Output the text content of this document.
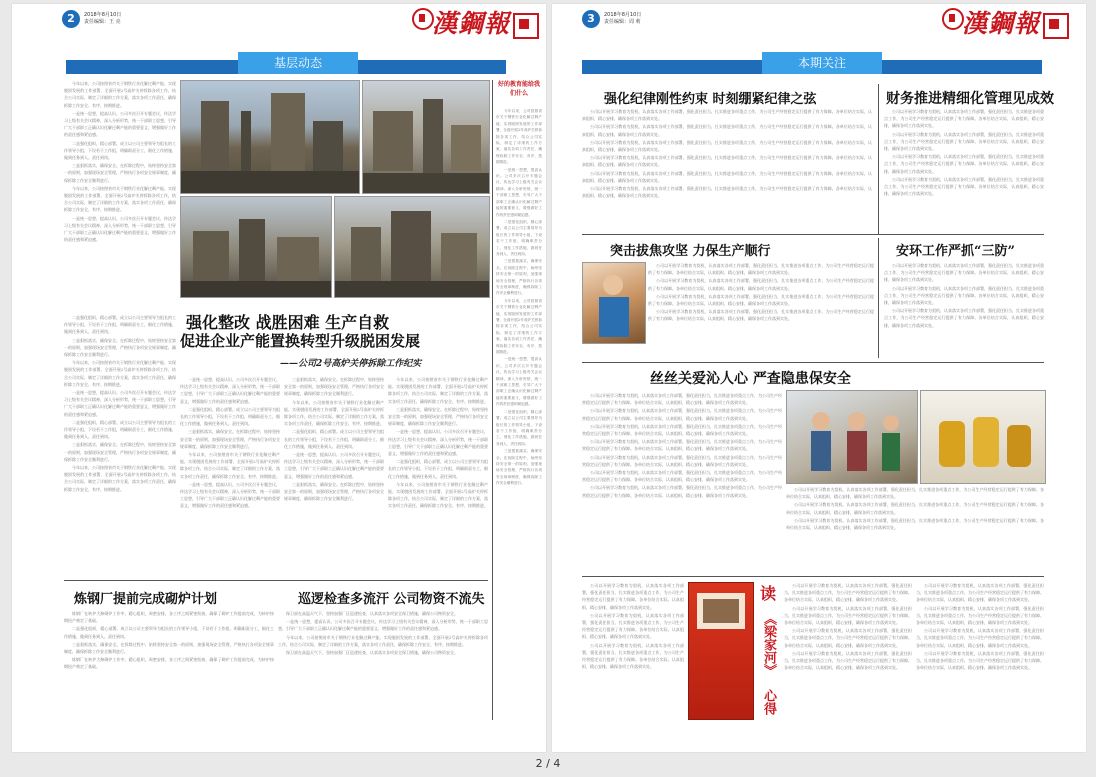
2	2018年8月10日
责任编辑：王 亮	漢鋼報
基层动态

今年以来，公司按照省市关于钢铁行业化解过剩产能、实现脱困发展的工作部署，全面开展2号高炉关停拆除各项工作，结合公司实际，制定了详细的工作方案，落实各项工作责任，确保拆除工作安全、有序、按期推进。

一是统一思想，提高认识。公司多次召开专题会议，传达学习上级有关会议精神，深入分析形势，统一干部职工思想，引导广大干部职工正确认识化解过剩产能的重要意义，增强做好工作的责任感和紧迫感。

二是强化组织，精心部署。成立以公司主要领导为组长的工作领导小组，下设若干工作组，明确职责分工，细化工作措施，做到任务到人、责任到岗。

三是狠抓落实，确保安全。在拆除过程中，始终坚持安全第一的原则，加强现场安全管理，严格执行各项安全规章制度，确保拆除工作安全顺利进行。

今年以来，公司按照省市关于钢铁行业化解过剩产能、实现脱困发展的工作部署，全面开展2号高炉关停拆除各项工作，结合公司实际，制定了详细的工作方案，落实各项工作责任，确保拆除工作安全、有序、按期推进。

一是统一思想，提高认识。公司多次召开专题会议，传达学习上级有关会议精神，深入分析形势，统一干部职工思想，引导广大干部职工正确认识化解过剩产能的重要意义，增强做好工作的责任感和紧迫感。

强化整改 战胜困难 生产自救
促进企业产能置换转型升级脱困发展
——公司2号高炉关停拆除工作纪实

二是强化组织，精心部署。成立以公司主要领导为组长的工作领导小组，下设若干工作组，明确职责分工，细化工作措施，做到任务到人、责任到岗。

三是狠抓落实，确保安全。在拆除过程中，始终坚持安全第一的原则，加强现场安全管理，严格执行各项安全规章制度，确保拆除工作安全顺利进行。

今年以来，公司按照省市关于钢铁行业化解过剩产能、实现脱困发展的工作部署，全面开展2号高炉关停拆除各项工作，结合公司实际，制定了详细的工作方案，落实各项工作责任，确保拆除工作安全、有序、按期推进。

一是统一思想，提高认识。公司多次召开专题会议，传达学习上级有关会议精神，深入分析形势，统一干部职工思想，引导广大干部职工正确认识化解过剩产能的重要意义，增强做好工作的责任感和紧迫感。

二是强化组织，精心部署。成立以公司主要领导为组长的工作领导小组，下设若干工作组，明确职责分工，细化工作措施，做到任务到人、责任到岗。

三是狠抓落实，确保安全。在拆除过程中，始终坚持安全第一的原则，加强现场安全管理，严格执行各项安全规章制度，确保拆除工作安全顺利进行。

今年以来，公司按照省市关于钢铁行业化解过剩产能、实现脱困发展的工作部署，全面开展2号高炉关停拆除各项工作，结合公司实际，制定了详细的工作方案，落实各项工作责任，确保拆除工作安全、有序、按期推进。

一是统一思想，提高认识。公司多次召开专题会议，传达学习上级有关会议精神，深入分析形势，统一干部职工思想，引导广大干部职工正确认识化解过剩产能的重要意义，增强做好工作的责任感和紧迫感。

二是强化组织，精心部署。成立以公司主要领导为组长的工作领导小组，下设若干工作组，明确职责分工，细化工作措施，做到任务到人、责任到岗。

三是狠抓落实，确保安全。在拆除过程中，始终坚持安全第一的原则，加强现场安全管理，严格执行各项安全规章制度，确保拆除工作安全顺利进行。

今年以来，公司按照省市关于钢铁行业化解过剩产能、实现脱困发展的工作部署，全面开展2号高炉关停拆除各项工作，结合公司实际，制定了详细的工作方案，落实各项工作责任，确保拆除工作安全、有序、按期推进。

一是统一思想，提高认识。公司多次召开专题会议，传达学习上级有关会议精神，深入分析形势，统一干部职工思想，引导广大干部职工正确认识化解过剩产能的重要意义，增强做好工作的责任感和紧迫感。

三是狠抓落实，确保安全。在拆除过程中，始终坚持安全第一的原则，加强现场安全管理，严格执行各项安全规章制度，确保拆除工作安全顺利进行。

今年以来，公司按照省市关于钢铁行业化解过剩产能、实现脱困发展的工作部署，全面开展2号高炉关停拆除各项工作，结合公司实际，制定了详细的工作方案，落实各项工作责任，确保拆除工作安全、有序、按期推进。

二是强化组织，精心部署。成立以公司主要领导为组长的工作领导小组，下设若干工作组，明确职责分工，细化工作措施，做到任务到人、责任到岗。

一是统一思想，提高认识。公司多次召开专题会议，传达学习上级有关会议精神，深入分析形势，统一干部职工思想，引导广大干部职工正确认识化解过剩产能的重要意义，增强做好工作的责任感和紧迫感。

三是狠抓落实，确保安全。在拆除过程中，始终坚持安全第一的原则，加强现场安全管理，严格执行各项安全规章制度，确保拆除工作安全顺利进行。

今年以来，公司按照省市关于钢铁行业化解过剩产能、实现脱困发展的工作部署，全面开展2号高炉关停拆除各项工作，结合公司实际，制定了详细的工作方案，落实各项工作责任，确保拆除工作安全、有序、按期推进。

三是狠抓落实，确保安全。在拆除过程中，始终坚持安全第一的原则，加强现场安全管理，严格执行各项安全规章制度，确保拆除工作安全顺利进行。

一是统一思想，提高认识。公司多次召开专题会议，传达学习上级有关会议精神，深入分析形势，统一干部职工思想，引导广大干部职工正确认识化解过剩产能的重要意义，增强做好工作的责任感和紧迫感。

二是强化组织，精心部署。成立以公司主要领导为组长的工作领导小组，下设若干工作组，明确职责分工，细化工作措施，做到任务到人、责任到岗。

今年以来，公司按照省市关于钢铁行业化解过剩产能、实现脱困发展的工作部署，全面开展2号高炉关停拆除各项工作，结合公司实际，制定了详细的工作方案，落实各项工作责任，确保拆除工作安全、有序、按期推进。

好的教育能给我们什么

今年以来，公司按照省市关于钢铁行业化解过剩产能、实现脱困发展的工作部署，全面开展2号高炉关停拆除各项工作，结合公司实际，制定了详细的工作方案，落实各项工作责任，确保拆除工作安全、有序、按期推进。

一是统一思想，提高认识。公司多次召开专题会议，传达学习上级有关会议精神，深入分析形势，统一干部职工思想，引导广大干部职工正确认识化解过剩产能的重要意义，增强做好工作的责任感和紧迫感。

二是强化组织，精心部署。成立以公司主要领导为组长的工作领导小组，下设若干工作组，明确职责分工，细化工作措施，做到任务到人、责任到岗。

三是狠抓落实，确保安全。在拆除过程中，始终坚持安全第一的原则，加强现场安全管理，严格执行各项安全规章制度，确保拆除工作安全顺利进行。

今年以来，公司按照省市关于钢铁行业化解过剩产能、实现脱困发展的工作部署，全面开展2号高炉关停拆除各项工作，结合公司实际，制定了详细的工作方案，落实各项工作责任，确保拆除工作安全、有序、按期推进。

一是统一思想，提高认识。公司多次召开专题会议，传达学习上级有关会议精神，深入分析形势，统一干部职工思想，引导广大干部职工正确认识化解过剩产能的重要意义，增强做好工作的责任感和紧迫感。

二是强化组织，精心部署。成立以公司主要领导为组长的工作领导小组，下设若干工作组，明确职责分工，细化工作措施，做到任务到人、责任到岗。

三是狠抓落实，确保安全。在拆除过程中，始终坚持安全第一的原则，加强现场安全管理，严格执行各项安全规章制度，确保拆除工作安全顺利进行。

炼钢厂提前完成砌炉计划	巡逻检查多流汗 公司物资不流失

炼钢厂在转炉大修砌炉工作中，精心组织，周密安排，各工序之间紧密衔接，确保了砌炉工作提前完成，为转炉按期投产奠定了基础。

二是强化组织，精心部署。成立以公司主要领导为组长的工作领导小组，下设若干工作组，明确职责分工，细化工作措施，做到任务到人、责任到岗。

三是狠抓落实，确保安全。在拆除过程中，始终坚持安全第一的原则，加强现场安全管理，严格执行各项安全规章制度，确保拆除工作安全顺利进行。

炼钢厂在转炉大修砌炉工作中，精心组织，周密安排，各工序之间紧密衔接，确保了砌炉工作提前完成，为转炉按期投产奠定了基础。

保卫部在高温天气下，坚持加强厂区巡逻检查，认真落实各项安全保卫措施，确保公司物资安全。

一是统一思想，提高认识。公司多次召开专题会议，传达学习上级有关会议精神，深入分析形势，统一干部职工思想，引导广大干部职工正确认识化解过剩产能的重要意义，增强做好工作的责任感和紧迫感。

今年以来，公司按照省市关于钢铁行业化解过剩产能、实现脱困发展的工作部署，全面开展2号高炉关停拆除各项工作，结合公司实际，制定了详细的工作方案，落实各项工作责任，确保拆除工作安全、有序、按期推进。

保卫部在高温天气下，坚持加强厂区巡逻检查，认真落实各项安全保卫措施，确保公司物资安全。

3	2018年8月10日
责任编辑：周 莉	漢鋼報
本期关注
强化纪律刚性约束 时刻绷紧纪律之弦	财务推进精细化管理见成效

公司以开展学习教育为契机，认真落实各项工作部署，强化责任担当，扎实推进各项重点工作，为公司生产经营稳定运行提供了有力保障。各单位结合实际，认真组织，精心安排，确保各项工作落到实处。

公司以开展学习教育为契机，认真落实各项工作部署，强化责任担当，扎实推进各项重点工作，为公司生产经营稳定运行提供了有力保障。各单位结合实际，认真组织，精心安排，确保各项工作落到实处。

公司以开展学习教育为契机，认真落实各项工作部署，强化责任担当，扎实推进各项重点工作，为公司生产经营稳定运行提供了有力保障。各单位结合实际，认真组织，精心安排，确保各项工作落到实处。

公司以开展学习教育为契机，认真落实各项工作部署，强化责任担当，扎实推进各项重点工作，为公司生产经营稳定运行提供了有力保障。各单位结合实际，认真组织，精心安排，确保各项工作落到实处。

公司以开展学习教育为契机，认真落实各项工作部署，强化责任担当，扎实推进各项重点工作，为公司生产经营稳定运行提供了有力保障。各单位结合实际，认真组织，精心安排，确保各项工作落到实处。

公司以开展学习教育为契机，认真落实各项工作部署，强化责任担当，扎实推进各项重点工作，为公司生产经营稳定运行提供了有力保障。各单位结合实际，认真组织，精心安排，确保各项工作落到实处。

公司以开展学习教育为契机，认真落实各项工作部署，强化责任担当，扎实推进各项重点工作，为公司生产经营稳定运行提供了有力保障。各单位结合实际，认真组织，精心安排，确保各项工作落到实处。

公司以开展学习教育为契机，认真落实各项工作部署，强化责任担当，扎实推进各项重点工作，为公司生产经营稳定运行提供了有力保障。各单位结合实际，认真组织，精心安排，确保各项工作落到实处。

公司以开展学习教育为契机，认真落实各项工作部署，强化责任担当，扎实推进各项重点工作，为公司生产经营稳定运行提供了有力保障。各单位结合实际，认真组织，精心安排，确保各项工作落到实处。

公司以开展学习教育为契机，认真落实各项工作部署，强化责任担当，扎实推进各项重点工作，为公司生产经营稳定运行提供了有力保障。各单位结合实际，认真组织，精心安排，确保各项工作落到实处。

突击拔焦攻坚 力保生产顺行	安环工作严抓“三防”

公司以开展学习教育为契机，认真落实各项工作部署，强化责任担当，扎实推进各项重点工作，为公司生产经营稳定运行提供了有力保障。各单位结合实际，认真组织，精心安排，确保各项工作落到实处。

公司以开展学习教育为契机，认真落实各项工作部署，强化责任担当，扎实推进各项重点工作，为公司生产经营稳定运行提供了有力保障。各单位结合实际，认真组织，精心安排，确保各项工作落到实处。

公司以开展学习教育为契机，认真落实各项工作部署，强化责任担当，扎实推进各项重点工作，为公司生产经营稳定运行提供了有力保障。各单位结合实际，认真组织，精心安排，确保各项工作落到实处。

公司以开展学习教育为契机，认真落实各项工作部署，强化责任担当，扎实推进各项重点工作，为公司生产经营稳定运行提供了有力保障。各单位结合实际，认真组织，精心安排，确保各项工作落到实处。

公司以开展学习教育为契机，认真落实各项工作部署，强化责任担当，扎实推进各项重点工作，为公司生产经营稳定运行提供了有力保障。各单位结合实际，认真组织，精心安排，确保各项工作落到实处。

公司以开展学习教育为契机，认真落实各项工作部署，强化责任担当，扎实推进各项重点工作，为公司生产经营稳定运行提供了有力保障。各单位结合实际，认真组织，精心安排，确保各项工作落到实处。

公司以开展学习教育为契机，认真落实各项工作部署，强化责任担当，扎实推进各项重点工作，为公司生产经营稳定运行提供了有力保障。各单位结合实际，认真组织，精心安排，确保各项工作落到实处。

丝丝关爱沁人心 严查隐患保安全

公司以开展学习教育为契机，认真落实各项工作部署，强化责任担当，扎实推进各项重点工作，为公司生产经营稳定运行提供了有力保障。各单位结合实际，认真组织，精心安排，确保各项工作落到实处。

公司以开展学习教育为契机，认真落实各项工作部署，强化责任担当，扎实推进各项重点工作，为公司生产经营稳定运行提供了有力保障。各单位结合实际，认真组织，精心安排，确保各项工作落到实处。

公司以开展学习教育为契机，认真落实各项工作部署，强化责任担当，扎实推进各项重点工作，为公司生产经营稳定运行提供了有力保障。各单位结合实际，认真组织，精心安排，确保各项工作落到实处。

公司以开展学习教育为契机，认真落实各项工作部署，强化责任担当，扎实推进各项重点工作，为公司生产经营稳定运行提供了有力保障。各单位结合实际，认真组织，精心安排，确保各项工作落到实处。

公司以开展学习教育为契机，认真落实各项工作部署，强化责任担当，扎实推进各项重点工作，为公司生产经营稳定运行提供了有力保障。各单位结合实际，认真组织，精心安排，确保各项工作落到实处。

公司以开展学习教育为契机，认真落实各项工作部署，强化责任担当，扎实推进各项重点工作，为公司生产经营稳定运行提供了有力保障。各单位结合实际，认真组织，精心安排，确保各项工作落到实处。

公司以开展学习教育为契机，认真落实各项工作部署，强化责任担当，扎实推进各项重点工作，为公司生产经营稳定运行提供了有力保障。各单位结合实际，认真组织，精心安排，确保各项工作落到实处。

公司以开展学习教育为契机，认真落实各项工作部署，强化责任担当，扎实推进各项重点工作，为公司生产经营稳定运行提供了有力保障。各单位结合实际，认真组织，精心安排，确保各项工作落到实处。

公司以开展学习教育为契机，认真落实各项工作部署，强化责任担当，扎实推进各项重点工作，为公司生产经营稳定运行提供了有力保障。各单位结合实际，认真组织，精心安排，确保各项工作落到实处。

公司以开展学习教育为契机，认真落实各项工作部署，强化责任担当，扎实推进各项重点工作，为公司生产经营稳定运行提供了有力保障。各单位结合实际，认真组织，精心安排，确保各项工作落到实处。

公司以开展学习教育为契机，认真落实各项工作部署，强化责任担当，扎实推进各项重点工作，为公司生产经营稳定运行提供了有力保障。各单位结合实际，认真组织，精心安排，确保各项工作落到实处。

公司以开展学习教育为契机，认真落实各项工作部署，强化责任担当，扎实推进各项重点工作，为公司生产经营稳定运行提供了有力保障。各单位结合实际，认真组织，精心安排，确保各项工作落到实处。

公司以开展学习教育为契机，认真落实各项工作部署，强化责任担当，扎实推进各项重点工作，为公司生产经营稳定运行提供了有力保障。各单位结合实际，认真组织，精心安排，确保各项工作落到实处。

读
《梁家河》
心得

公司以开展学习教育为契机，认真落实各项工作部署，强化责任担当，扎实推进各项重点工作，为公司生产经营稳定运行提供了有力保障。各单位结合实际，认真组织，精心安排，确保各项工作落到实处。

公司以开展学习教育为契机，认真落实各项工作部署，强化责任担当，扎实推进各项重点工作，为公司生产经营稳定运行提供了有力保障。各单位结合实际，认真组织，精心安排，确保各项工作落到实处。

公司以开展学习教育为契机，认真落实各项工作部署，强化责任担当，扎实推进各项重点工作，为公司生产经营稳定运行提供了有力保障。各单位结合实际，认真组织，精心安排，确保各项工作落到实处。

公司以开展学习教育为契机，认真落实各项工作部署，强化责任担当，扎实推进各项重点工作，为公司生产经营稳定运行提供了有力保障。各单位结合实际，认真组织，精心安排，确保各项工作落到实处。

公司以开展学习教育为契机，认真落实各项工作部署，强化责任担当，扎实推进各项重点工作，为公司生产经营稳定运行提供了有力保障。各单位结合实际，认真组织，精心安排，确保各项工作落到实处。

公司以开展学习教育为契机，认真落实各项工作部署，强化责任担当，扎实推进各项重点工作，为公司生产经营稳定运行提供了有力保障。各单位结合实际，认真组织，精心安排，确保各项工作落到实处。

公司以开展学习教育为契机，认真落实各项工作部署，强化责任担当，扎实推进各项重点工作，为公司生产经营稳定运行提供了有力保障。各单位结合实际，认真组织，精心安排，确保各项工作落到实处。

公司以开展学习教育为契机，认真落实各项工作部署，强化责任担当，扎实推进各项重点工作，为公司生产经营稳定运行提供了有力保障。各单位结合实际，认真组织，精心安排，确保各项工作落到实处。

2 / 4
